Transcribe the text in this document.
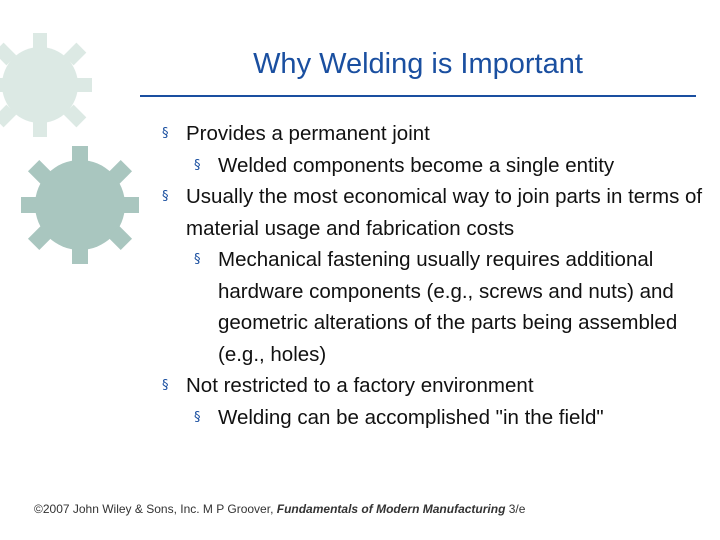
Why Welding is Important
§ Provides a permanent joint
§ Welded components become a single entity
§ Usually the most economical way to join parts in terms of material usage and fabrication costs
§ Mechanical fastening usually requires additional hardware components (e.g., screws and nuts) and geometric alterations of the parts being assembled (e.g., holes)
§ Not restricted to a factory environment
§ Welding can be accomplished "in the field"
©2007 John Wiley & Sons, Inc. M P Groover, Fundamentals of Modern Manufacturing 3/e
